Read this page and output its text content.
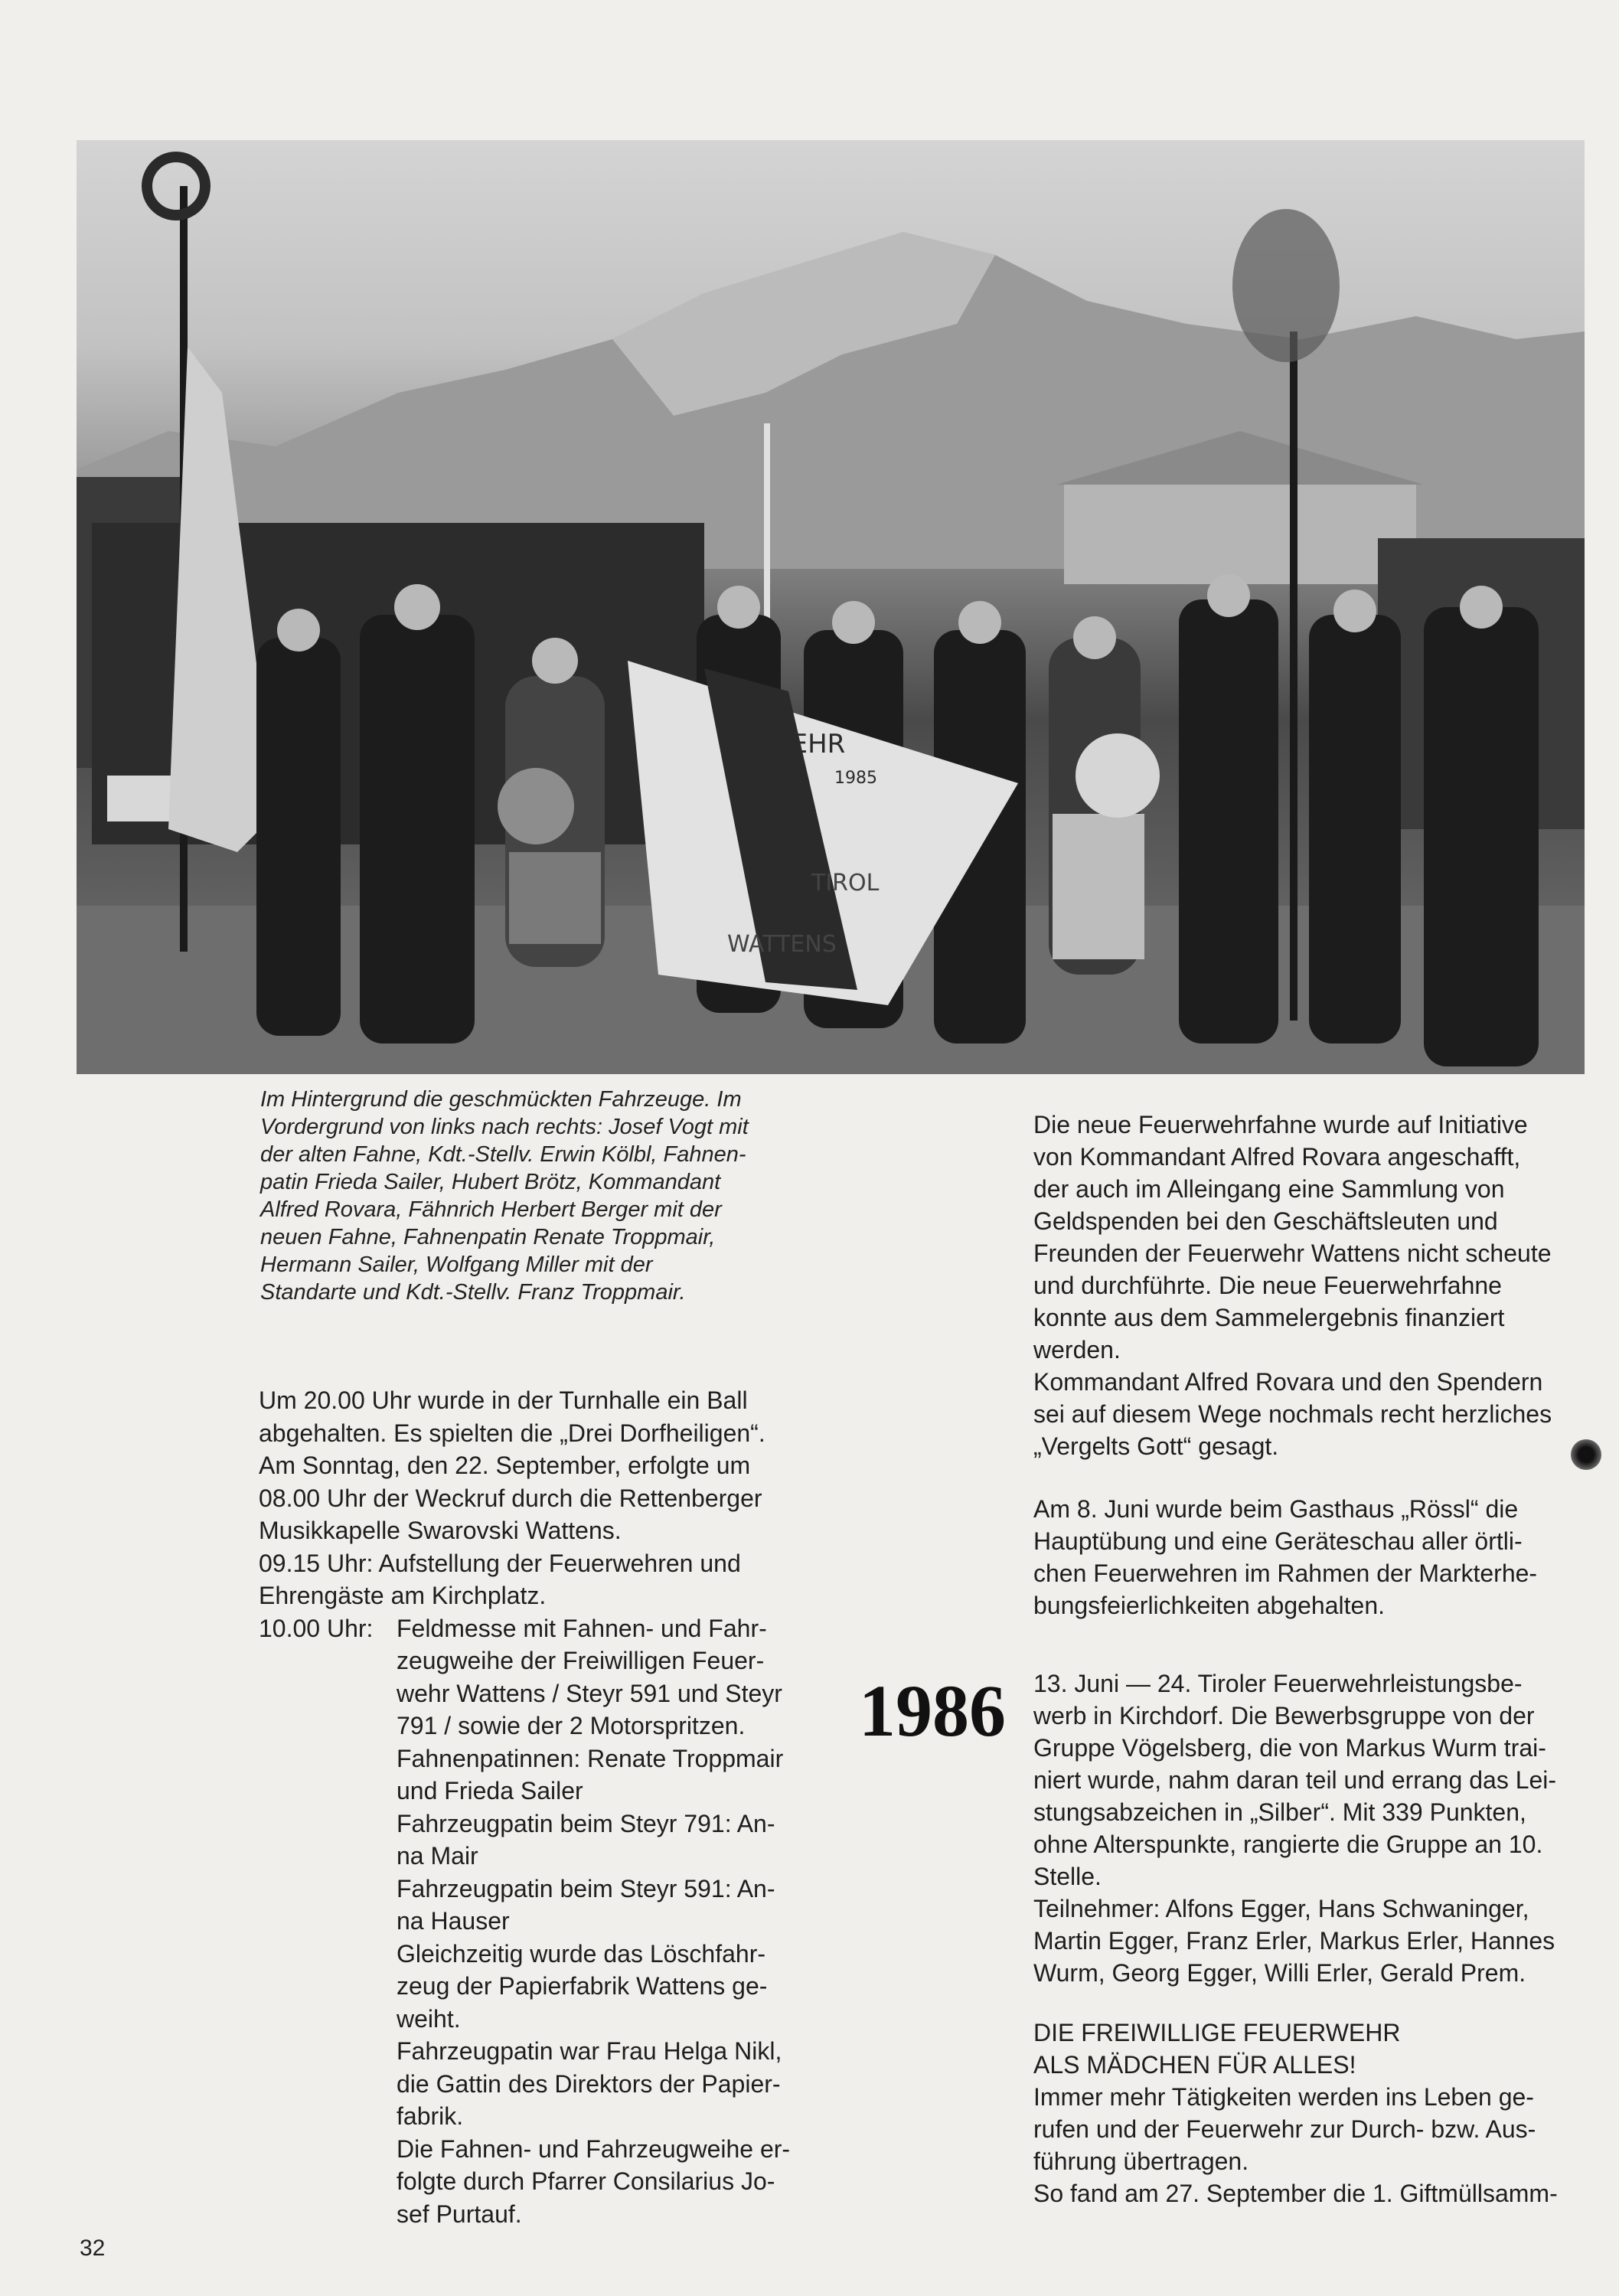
WEHR
1985
WATTENS
TIROL

Im Hintergrund die geschmückten Fahrzeuge. Im

Vordergrund von links nach rechts: Josef Vogt mit

der alten Fahne, Kdt.-Stellv. Erwin Kölbl, Fahnen-

patin Frieda Sailer, Hubert Brötz, Kommandant

Alfred Rovara, Fähnrich Herbert Berger mit der

neuen Fahne, Fahnenpatin Renate Troppmair,

Hermann Sailer, Wolfgang Miller mit der

Standarte und Kdt.-Stellv. Franz Troppmair.

Um 20.00 Uhr wurde in der Turnhalle ein Ball

abgehalten. Es spielten die „Drei Dorfheiligen“.

Am Sonntag, den 22. September, erfolgte um

08.00 Uhr der Weckruf durch die Rettenberger

Musikkapelle Swarovski Wattens.

09.15 Uhr: Aufstellung der Feuerwehren und

Ehrengäste am Kirchplatz.

10.00 Uhr: Feldmesse mit Fahnen- und Fahr-

zeugweihe der Freiwilligen Feuer-

wehr Wattens / Steyr 591 und Steyr

791 / sowie der 2 Motorspritzen.

Fahnenpatinnen: Renate Troppmair

und Frieda Sailer

Fahrzeugpatin beim Steyr 791: An-

na Mair

Fahrzeugpatin beim Steyr 591: An-

na Hauser

Gleichzeitig wurde das Löschfahr-

zeug der Papierfabrik Wattens ge-

weiht.

Fahrzeugpatin war Frau Helga Nikl,

die Gattin des Direktors der Papier-

fabrik.

Die Fahnen- und Fahrzeugweihe er-

folgte durch Pfarrer Consilarius Jo-

sef Purtauf.

1986

Die neue Feuerwehrfahne wurde auf Initiative

von Kommandant Alfred Rovara angeschafft,

der auch im Alleingang eine Sammlung von

Geldspenden bei den Geschäftsleuten und

Freunden der Feuerwehr Wattens nicht scheute

und durchführte. Die neue Feuerwehrfahne

konnte aus dem Sammelergebnis finanziert

werden.

Kommandant Alfred Rovara und den Spendern

sei auf diesem Wege nochmals recht herzliches

„Vergelts Gott“ gesagt.

Am 8. Juni wurde beim Gasthaus „Rössl“ die

Hauptübung und eine Geräteschau aller örtli-

chen Feuerwehren im Rahmen der Markterhe-

bungsfeierlichkeiten abgehalten.

13. Juni — 24. Tiroler Feuerwehrleistungsbe-

werb in Kirchdorf. Die Bewerbsgruppe von der

Gruppe Vögelsberg, die von Markus Wurm trai-

niert wurde, nahm daran teil und errang das Lei-

stungsabzeichen in „Silber“. Mit 339 Punkten,

ohne Alterspunkte, rangierte die Gruppe an 10.

Stelle.

Teilnehmer: Alfons Egger, Hans Schwaninger,

Martin Egger, Franz Erler, Markus Erler, Hannes

Wurm, Georg Egger, Willi Erler, Gerald Prem.

DIE FREIWILLIGE FEUERWEHR

ALS MÄDCHEN FÜR ALLES!

Immer mehr Tätigkeiten werden ins Leben ge-

rufen und der Feuerwehr zur Durch- bzw. Aus-

führung übertragen.

So fand am 27. September die 1. Giftmüllsamm-

32
